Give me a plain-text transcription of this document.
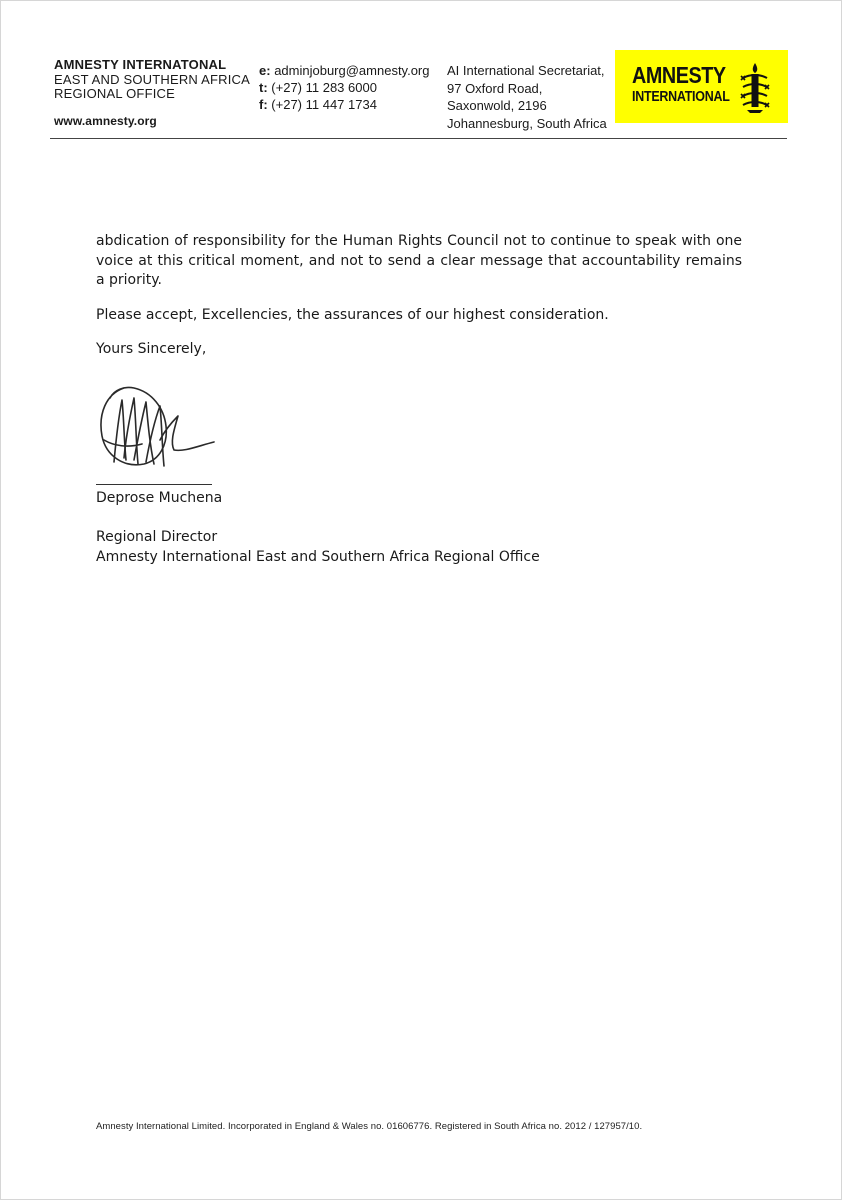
AMNESTY INTERNATONAL
EAST AND SOUTHERN AFRICA
REGIONAL OFFICE
www.amnesty.org
e: adminjoburg@amnesty.org
t: (+27) 11 283 6000
f: (+27) 11 447 1734
AI International Secretariat,
97 Oxford Road,
Saxonwold, 2196
Johannesburg, South Africa
AMNESTY
INTERNATIONAL

abdication of responsibility for the Human Rights Council not to continue to speak with one voice at this critical moment, and not to send a clear message that accountability remains a priority.

Please accept, Excellencies, the assurances of our highest consideration.

Yours Sincerely,

Deprose Muchena
Regional Director
Amnesty International East and Southern Africa Regional Office
Amnesty International Limited. Incorporated in England & Wales no. 01606776. Registered in South Africa no. 2012 / 127957/10.
